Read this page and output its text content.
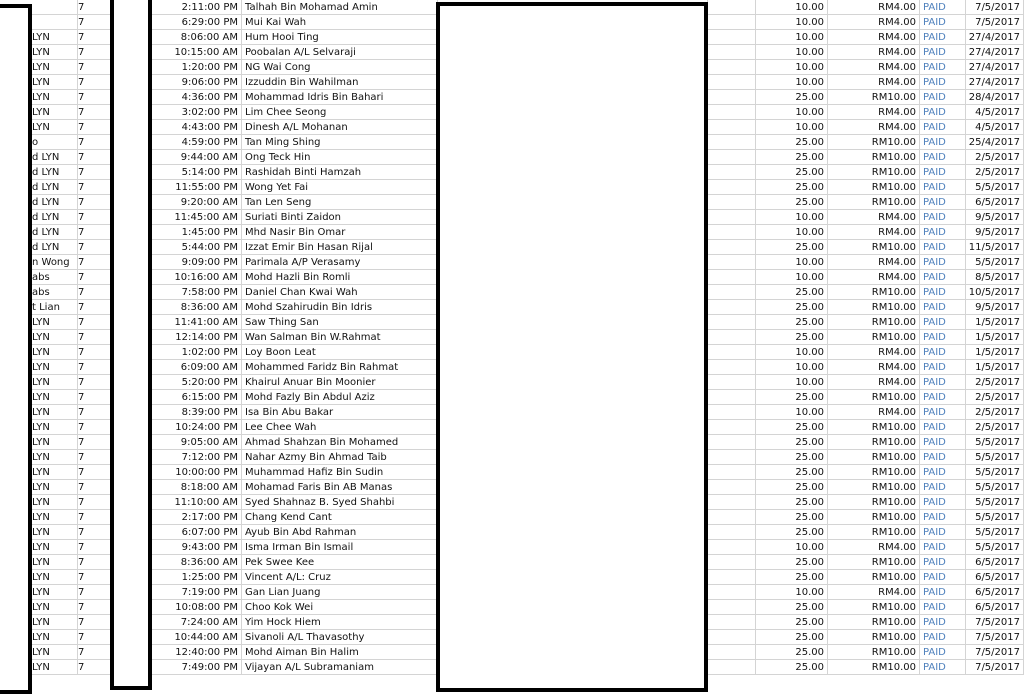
7	2:11:00 PM Talhah Bin Mohamad Amin	10.00	RM4.00 PAID	7/5/2017
7	6:29:00 PM Mui Kai Wah	10.00	RM4.00 PAID	7/5/2017
LYN	7	8:06:00 AM Hum Hooi Ting	10.00	RM4.00 PAID	27/4/2017
LYN	7	10:15:00 AM Poobalan A/L Selvaraji	10.00	RM4.00 PAID	27/4/2017
LYN	7	1:20:00 PM NG Wai Cong	10.00	RM4.00 PAID	27/4/2017
LYN	7	9:06:00 PM Izzuddin Bin Wahilman	10.00	RM4.00 PAID	27/4/2017
LYN	7	4:36:00 PM Mohammad Idris Bin Bahari	25.00	RM10.00 PAID	28/4/2017
LYN	7	3:02:00 PM Lim Chee Seong	10.00	RM4.00 PAID	4/5/2017
LYN	7	4:43:00 PM Dinesh A/L Mohanan	10.00	RM4.00 PAID	4/5/2017
o	7	4:59:00 PM Tan Ming Shing	25.00	RM10.00 PAID	25/4/2017
d LYN	7	9:44:00 AM Ong Teck Hin	25.00	RM10.00 PAID	2/5/2017
d LYN	7	5:14:00 PM Rashidah Binti Hamzah	25.00	RM10.00 PAID	2/5/2017
d LYN	7	11:55:00 PM Wong Yet Fai	25.00	RM10.00 PAID	5/5/2017
d LYN	7	9:20:00 AM Tan Len Seng	25.00	RM10.00 PAID	6/5/2017
d LYN	7	11:45:00 AM Suriati Binti Zaidon	10.00	RM4.00 PAID	9/5/2017
d LYN	7	1:45:00 PM Mhd Nasir Bin Omar	10.00	RM4.00 PAID	9/5/2017
d LYN	7	5:44:00 PM Izzat Emir Bin Hasan Rijal	25.00	RM10.00 PAID	11/5/2017
n Wong 7	9:09:00 PM Parimala A/P Verasamy	10.00	RM4.00 PAID	5/5/2017
abs	7	10:16:00 AM Mohd Hazli Bin Romli	10.00	RM4.00 PAID	8/5/2017
abs	7	7:58:00 PM Daniel Chan Kwai Wah	25.00	RM10.00 PAID	10/5/2017
t Lian	7	8:36:00 AM Mohd Szahirudin Bin Idris	25.00	RM10.00 PAID	9/5/2017
LYN	7	11:41:00 AM Saw Thing San	25.00	RM10.00 PAID	1/5/2017
LYN	7	12:14:00 PM Wan Salman Bin W.Rahmat	25.00	RM10.00 PAID	1/5/2017
LYN	7	1:02:00 PM Loy Boon Leat	10.00	RM4.00 PAID	1/5/2017
LYN	7	6:09:00 AM Mohammed Faridz Bin Rahmat	10.00	RM4.00 PAID	1/5/2017
LYN	7	5:20:00 PM Khairul Anuar Bin Moonier	10.00	RM4.00 PAID	2/5/2017
LYN	7	6:15:00 PM Mohd Fazly Bin Abdul Aziz	25.00	RM10.00 PAID	2/5/2017
LYN	7	8:39:00 PM Isa Bin Abu Bakar	10.00	RM4.00 PAID	2/5/2017
LYN	7	10:24:00 PM Lee Chee Wah	25.00	RM10.00 PAID	2/5/2017
LYN	7	9:05:00 AM Ahmad Shahzan Bin Mohamed	25.00	RM10.00 PAID	5/5/2017
LYN	7	7:12:00 PM Nahar Azmy Bin Ahmad Taib	25.00	RM10.00 PAID	5/5/2017
LYN	7	10:00:00 PM Muhammad Hafiz Bin Sudin	25.00	RM10.00 PAID	5/5/2017
LYN	7	8:18:00 AM Mohamad Faris Bin AB Manas	25.00	RM10.00 PAID	5/5/2017
LYN	7	11:10:00 AM Syed Shahnaz B. Syed Shahbi	25.00	RM10.00 PAID	5/5/2017
LYN	7	2:17:00 PM Chang Kend Cant	25.00	RM10.00 PAID	5/5/2017
LYN	7	6:07:00 PM Ayub Bin Abd Rahman	25.00	RM10.00 PAID	5/5/2017
LYN	7	9:43:00 PM Isma Irman Bin Ismail	10.00	RM4.00 PAID	5/5/2017
LYN	7	8:36:00 AM Pek Swee Kee	25.00	RM10.00 PAID	6/5/2017
LYN	7	1:25:00 PM Vincent A/L: Cruz	25.00	RM10.00 PAID	6/5/2017
LYN	7	7:19:00 PM Gan Lian Juang	10.00	RM4.00 PAID	6/5/2017
LYN	7	10:08:00 PM Choo Kok Wei	25.00	RM10.00 PAID	6/5/2017
LYN	7	7:24:00 AM Yim Hock Hiem	25.00	RM10.00 PAID	7/5/2017
LYN	7	10:44:00 AM Sivanoli A/L Thavasothy	25.00	RM10.00 PAID	7/5/2017
LYN	7	12:40:00 PM Mohd Aiman Bin Halim	25.00	RM10.00 PAID	7/5/2017
LYN	7	7:49:00 PM Vijayan A/L Subramaniam	25.00	RM10.00 PAID	7/5/2017
